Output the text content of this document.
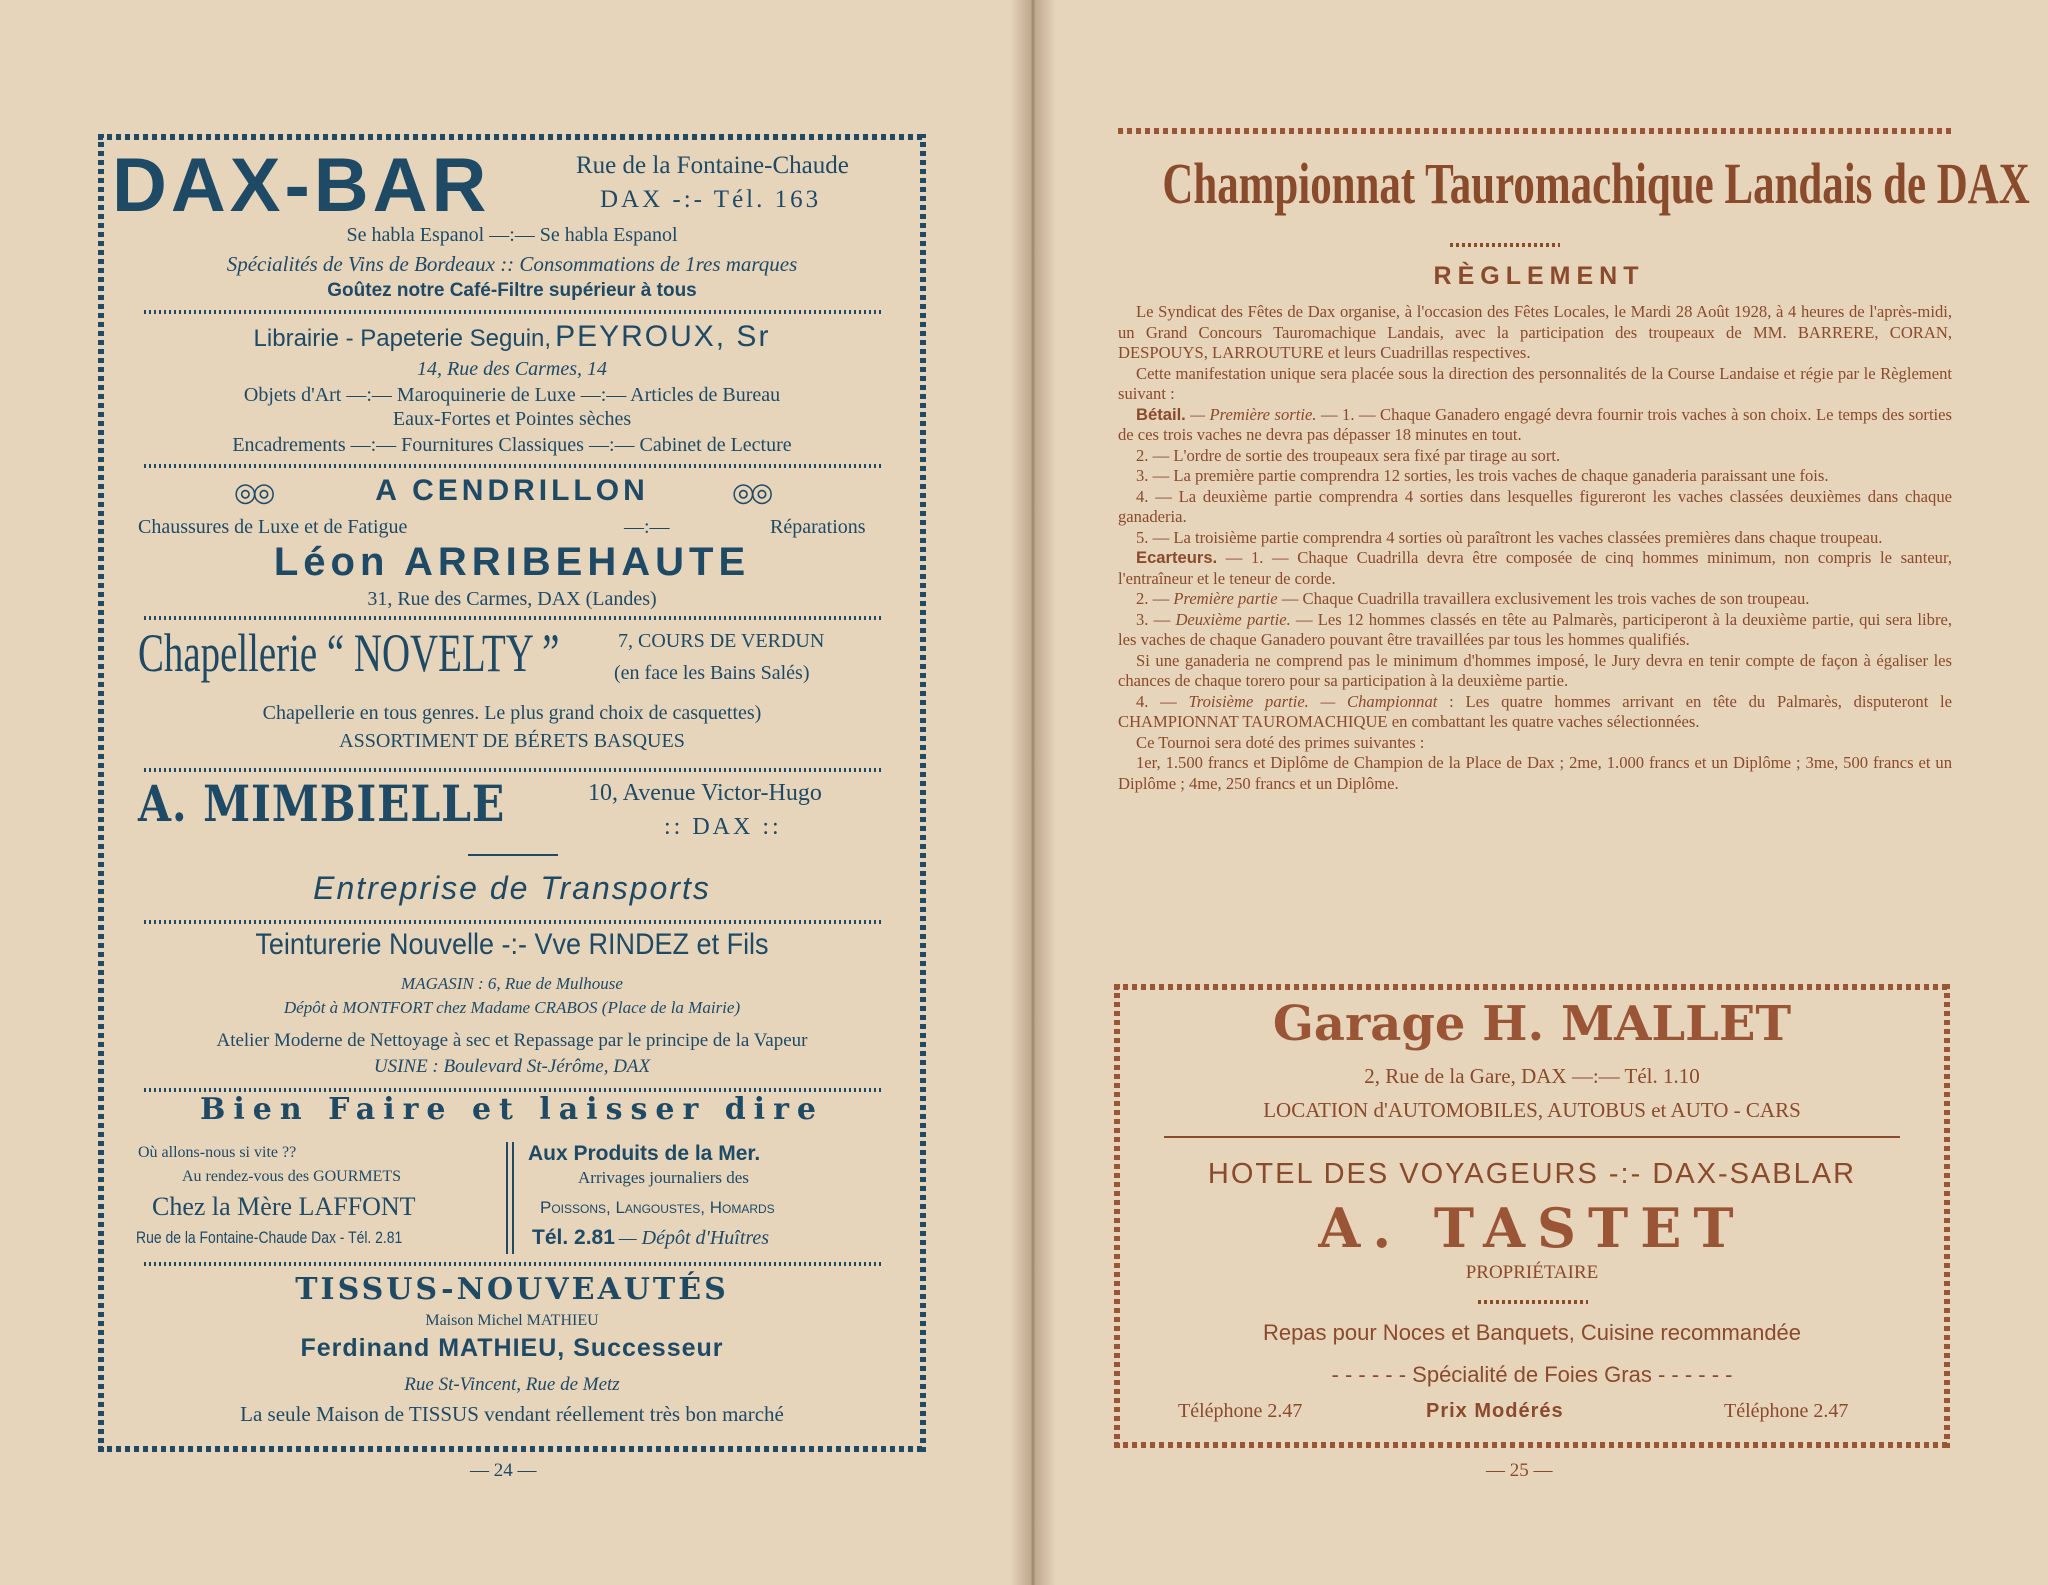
DAX-BAR	Rue de la Fontaine-Chaude
DAX -:- Tél. 163
Se habla Espanol —:— Se habla Espanol
Spécialités de Vins de Bordeaux :: Consommations de 1res marques
Goûtez notre Café-Filtre supérieur à tous
Librairie - Papeterie Seguin, PEYROUX, Sr
14, Rue des Carmes, 14
Objets d'Art —:— Maroquinerie de Luxe —:— Articles de Bureau
Eaux-Fortes et Pointes sèches
Encadrements —:— Fournitures Classiques —:— Cabinet de Lecture
◎◎	A CENDRILLON	◎◎
Chaussures de Luxe et de Fatigue	—:—	Réparations
Léon ARRIBEHAUTE
31, Rue des Carmes, DAX (Landes)
Chapellerie “ NOVELTY ”	7, COURS DE VERDUN
(en face les Bains Salés)
Chapellerie en tous genres. Le plus grand choix de casquettes)
ASSORTIMENT DE BÉRETS BASQUES
A. MIMBIELLE	10, Avenue Victor-Hugo
:: DAX ::
Entreprise de Transports
Teinturerie Nouvelle -:- Vve RINDEZ et Fils
MAGASIN : 6, Rue de Mulhouse
Dépôt à MONTFORT chez Madame CRABOS (Place de la Mairie)
Atelier Moderne de Nettoyage à sec et Repassage par le principe de la Vapeur
USINE : Boulevard St-Jérôme, DAX
Bien Faire et laisser dire
Où allons-nous si vite ??
Au rendez-vous des GOURMETS
Chez la Mère LAFFONT
Rue de la Fontaine-Chaude Dax - Tél. 2.81
Aux Produits de la Mer.
Arrivages journaliers des
Poissons, Langoustes, Homards
Tél. 2.81 — Dépôt d'Huîtres
TISSUS-NOUVEAUTÉS
Maison Michel MATHIEU
Ferdinand MATHIEU, Successeur
Rue St-Vincent, Rue de Metz
La seule Maison de TISSUS vendant réellement très bon marché
— 24 —
Championnat Tauromachique Landais de DAX
RÈGLEMENT

Le Syndicat des Fêtes de Dax organise, à l'occasion des Fêtes Locales, le Mardi 28 Août 1928, à 4 heures de l'après-midi, un Grand Concours Tauromachique Landais, avec la participation des troupeaux de MM. BARRERE, CORAN, DESPOUYS, LARROUTURE et leurs Cuadrillas respectives.

Cette manifestation unique sera placée sous la direction des personnalités de la Course Landaise et régie par le Règlement suivant :

Bétail. — Première sortie. — 1. — Chaque Ganadero engagé devra fournir trois vaches à son choix. Le temps des sorties de ces trois vaches ne devra pas dépasser 18 minutes en tout.

2. — L'ordre de sortie des troupeaux sera fixé par tirage au sort.

3. — La première partie comprendra 12 sorties, les trois vaches de chaque ganaderia paraissant une fois.

4. — La deuxième partie comprendra 4 sorties dans lesquelles figureront les vaches classées deuxièmes dans chaque ganaderia.

5. — La troisième partie comprendra 4 sorties où paraîtront les vaches classées premières dans chaque troupeau.

Ecarteurs. — 1. — Chaque Cuadrilla devra être composée de cinq hommes minimum, non compris le santeur, l'entraîneur et le teneur de corde.

2. — Première partie — Chaque Cuadrilla travaillera exclusivement les trois vaches de son troupeau.

3. — Deuxième partie. — Les 12 hommes classés en tête au Palmarès, participeront à la deuxième partie, qui sera libre, les vaches de chaque Ganadero pouvant être travaillées par tous les hommes qualifiés.

Si une ganaderia ne comprend pas le minimum d'hommes imposé, le Jury devra en tenir compte de façon à égaliser les chances de chaque torero pour sa participation à la deuxième partie.

4. — Troisième partie. — Championnat : Les quatre hommes arrivant en tête du Palmarès, disputeront le CHAMPIONNAT TAUROMACHIQUE en combattant les quatre vaches sélectionnées.

Ce Tournoi sera doté des primes suivantes :

1er, 1.500 francs et Diplôme de Champion de la Place de Dax ; 2me, 1.000 francs et un Diplôme ; 3me, 500 francs et un Diplôme ; 4me, 250 francs et un Diplôme.

Garage H. MALLET
2, Rue de la Gare, DAX —:— Tél. 1.10
LOCATION d'AUTOMOBILES, AUTOBUS et AUTO - CARS
HOTEL DES VOYAGEURS -:- DAX-SABLAR
A. TASTET
PROPRIÉTAIRE
Repas pour Noces et Banquets, Cuisine recommandée
- - - - - - Spécialité de Foies Gras - - - - - -
Téléphone 2.47	Prix Modérés	Téléphone 2.47
— 25 —
